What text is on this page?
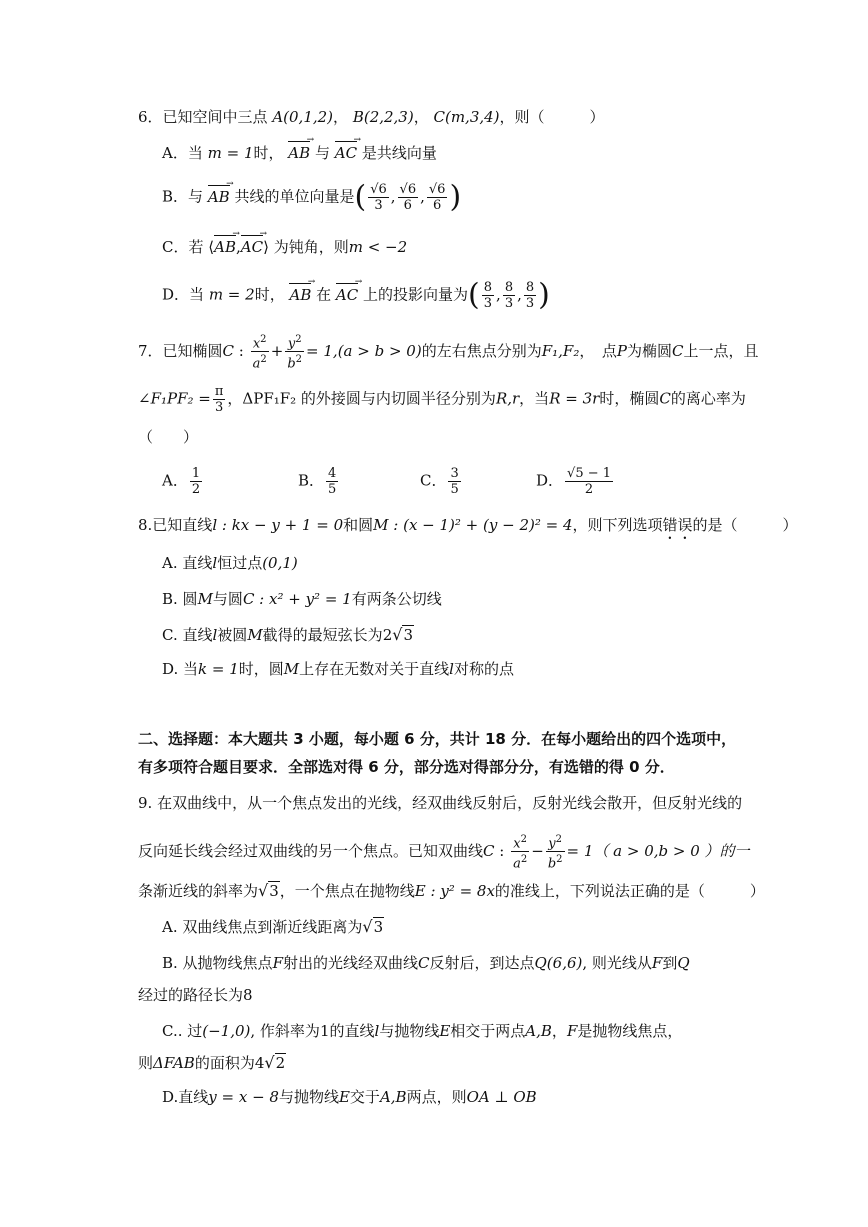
6．已知空间中三点 A(0,1,2)， B(2,2,3)， C(m,3,4)，则（　　　）
A．当 m = 1时， AB → 与 AC → 是共线向量
B．与 AB → 共线的单位向量是( $\frac{√6}{3}$ , $\frac{√6}{6}$ , $\frac{√6}{6}$ )
C．若 ⟨AB →,AC →⟩ 为钝角，则m < −2
D．当 m = 2时， AB → 在 AC → 上的投影向量为( $\frac{8}{3}$ , $\frac{8}{3}$ , $\frac{8}{3}$ )
7．已知椭圆C : $\frac{x^2}{a^2} + \frac{y^2}{b^2} = 1,(a > b > 0)$的左右焦点分别为F₁,F₂，　点P为椭圆C上一点，且
∠F₁PF₂ = $\frac{\pi}{3}$ ，ΔPF₁F₂ 的外接圆与内切圆半径分别为R,r，当R = 3r时，椭圆C的离心率为
（　　）
A． $\frac{1}{2}$	B． $\frac{4}{5}$	C． $\frac{3}{5}$	D． $\frac{√5 - 1}{2}$
8.已知直线l : kx − y + 1 = 0和圆M : (x − 1)² + (y − 2)² = 4，则下列选项错误的是（　　　）
A. 直线l恒过点(0,1)
B. 圆M与圆C : x² + y² = 1有两条公切线
C. 直线l被圆M截得的最短弦长为2√3
D. 当k = 1时，圆M上存在无数对关于直线l对称的点
二、选择题：本大题共 3 小题，每小题 6 分，共计 18 分．在每小题给出的四个选项中，
有多项符合题目要求．全部选对得 6 分，部分选对得部分分，有选错的得 0 分．
9. 在双曲线中，从一个焦点发出的光线，经双曲线反射后，反射光线会散开，但反射光线的
反向延长线会经过双曲线的另一个焦点。已知双曲线C : $\frac{x^2}{a^2} - \frac{y^2}{b^2} = 1$（ a > 0,b > 0 ）的一
条渐近线的斜率为√3，一个焦点在抛物线E : y² = 8x的准线上，下列说法正确的是（　　　）
A. 双曲线焦点到渐近线距离为√3
B. 从抛物线焦点F射出的光线经双曲线C反射后，到达点Q(6,6), 则光线从F到Q
经过的路径长为8
C.. 过(−1,0), 作斜率为1的直线l与抛物线E相交于两点A,B，F是抛物线焦点，
则ΔFAB的面积为4√2
D.直线y = x − 8与抛物线E交于A,B两点，则OA ⊥ OB
